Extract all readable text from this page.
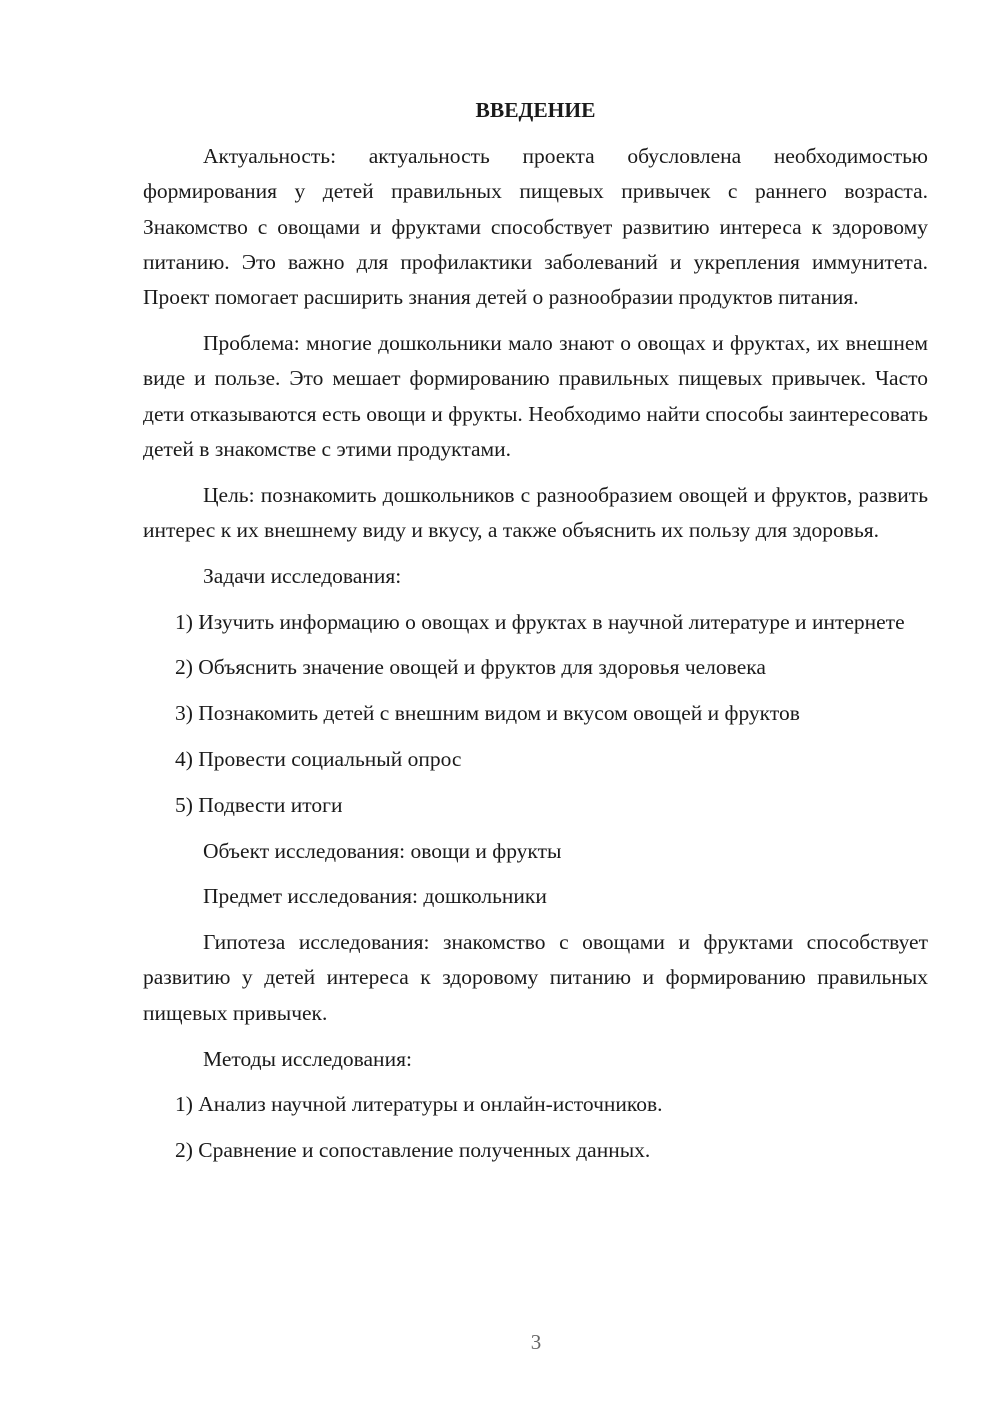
ВВЕДЕНИЕ

Актуальность: актуальность проекта обусловлена необходимостью формирования у детей правильных пищевых привычек с раннего возраста. Знакомство с овощами и фруктами способствует развитию интереса к здоровому питанию. Это важно для профилактики заболеваний и укрепления иммунитета. Проект помогает расширить знания детей о разнообразии продуктов питания.

Проблема: многие дошкольники мало знают о овощах и фруктах, их внешнем виде и пользе. Это мешает формированию правильных пищевых привычек. Часто дети отказываются есть овощи и фрукты. Необходимо найти способы заинтересовать детей в знакомстве с этими продуктами.

Цель: познакомить дошкольников с разнообразием овощей и фруктов, развить интерес к их внешнему виду и вкусу, а также объяснить их пользу для здоровья.

Задачи исследования:

1) Изучить информацию о овощах и фруктах в научной литературе и интернете

2) Объяснить значение овощей и фруктов для здоровья человека

3) Познакомить детей с внешним видом и вкусом овощей и фруктов

4) Провести социальный опрос

5) Подвести итоги

Объект исследования: овощи и фрукты

Предмет исследования: дошкольники

Гипотеза исследования: знакомство с овощами и фруктами способствует развитию у детей интереса к здоровому питанию и формированию правильных пищевых привычек.

Методы исследования:

1) Анализ научной литературы и онлайн-источников.

2) Сравнение и сопоставление полученных данных.

3
